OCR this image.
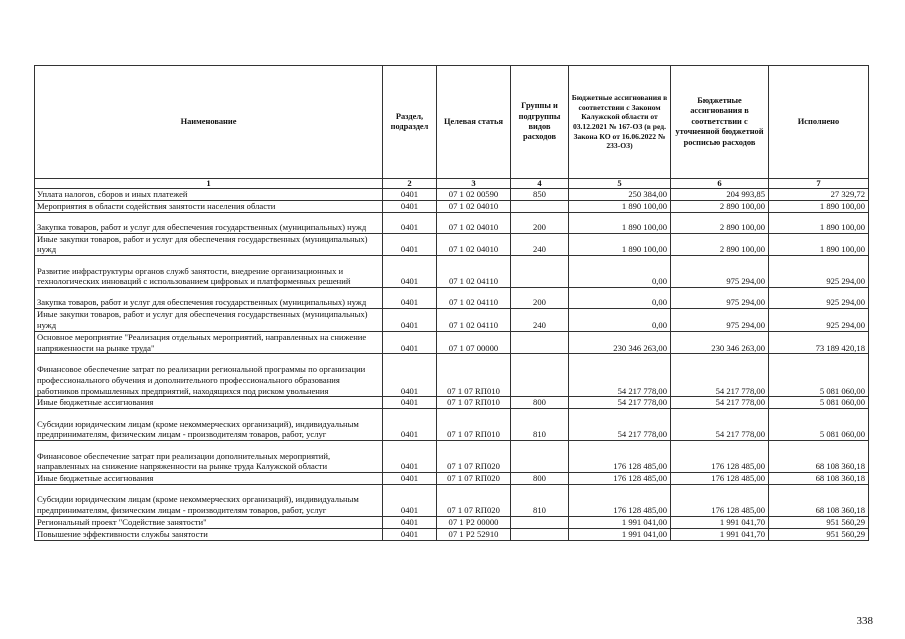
Наименование	Раздел, подраздел	Целевая статья	Группы и подгруппы видов расходов	Бюджетные ассигнования в соответствии с Законом Калужской области от 03.12.2021 № 167-ОЗ (в ред. Закона КО от 16.06.2022 № 233-ОЗ)	Бюджетные ассигнования в соответствии с уточненной бюджетной росписью расходов	Исполнено
1	2	3	4	5	6	7
Уплата налогов, сборов и иных платежей	0401	07 1 02 00590	850	250 384,00	204 993,85	27 329,72
Мероприятия в области содействия занятости населения области	0401	07 1 02 04010		1 890 100,00	2 890 100,00	1 890 100,00
Закупка товаров, работ и услуг для обеспечения государственных (муниципальных) нужд	0401	07 1 02 04010	200	1 890 100,00	2 890 100,00	1 890 100,00
Иные закупки товаров, работ и услуг для обеспечения государственных (муниципальных) нужд	0401	07 1 02 04010	240	1 890 100,00	2 890 100,00	1 890 100,00
Развитие инфраструктуры органов служб занятости, внедрение организационных и технологических инноваций с использованием цифровых и платформенных решений	0401	07 1 02 04110		0,00	975 294,00	925 294,00
Закупка товаров, работ и услуг для обеспечения государственных (муниципальных) нужд	0401	07 1 02 04110	200	0,00	975 294,00	925 294,00
Иные закупки товаров, работ и услуг для обеспечения государственных (муниципальных) нужд	0401	07 1 02 04110	240	0,00	975 294,00	925 294,00
Основное мероприятие "Реализация отдельных мероприятий, направленных на снижение напряженности на рынке труда"	0401	07 1 07 00000		230 346 263,00	230 346 263,00	73 189 420,18
Финансовое обеспечение затрат по реализации региональной программы по организации профессионального обучения и дополнительного профессионального образования работников промышленных предприятий, находящихся под риском увольнения	0401	07 1 07 RП010		54 217 778,00	54 217 778,00	5 081 060,00
Иные бюджетные ассигнования	0401	07 1 07 RП010	800	54 217 778,00	54 217 778,00	5 081 060,00
Субсидии юридическим лицам (кроме некоммерческих организаций), индивидуальным предпринимателям, физическим лицам - производителям товаров, работ, услуг	0401	07 1 07 RП010	810	54 217 778,00	54 217 778,00	5 081 060,00
Финансовое обеспечение затрат при реализации дополнительных мероприятий, направленных на снижение напряженности на рынке труда Калужской области	0401	07 1 07 RП020		176 128 485,00	176 128 485,00	68 108 360,18
Иные бюджетные ассигнования	0401	07 1 07 RП020	800	176 128 485,00	176 128 485,00	68 108 360,18
Субсидии юридическим лицам (кроме некоммерческих организаций), индивидуальным предпринимателям, физическим лицам - производителям товаров, работ, услуг	0401	07 1 07 RП020	810	176 128 485,00	176 128 485,00	68 108 360,18
Региональный проект "Содействие занятости"	0401	07 1 P2 00000		1 991 041,00	1 991 041,70	951 560,29
Повышение эффективности службы занятости	0401	07 1 P2 52910		1 991 041,00	1 991 041,70	951 560,29
338
